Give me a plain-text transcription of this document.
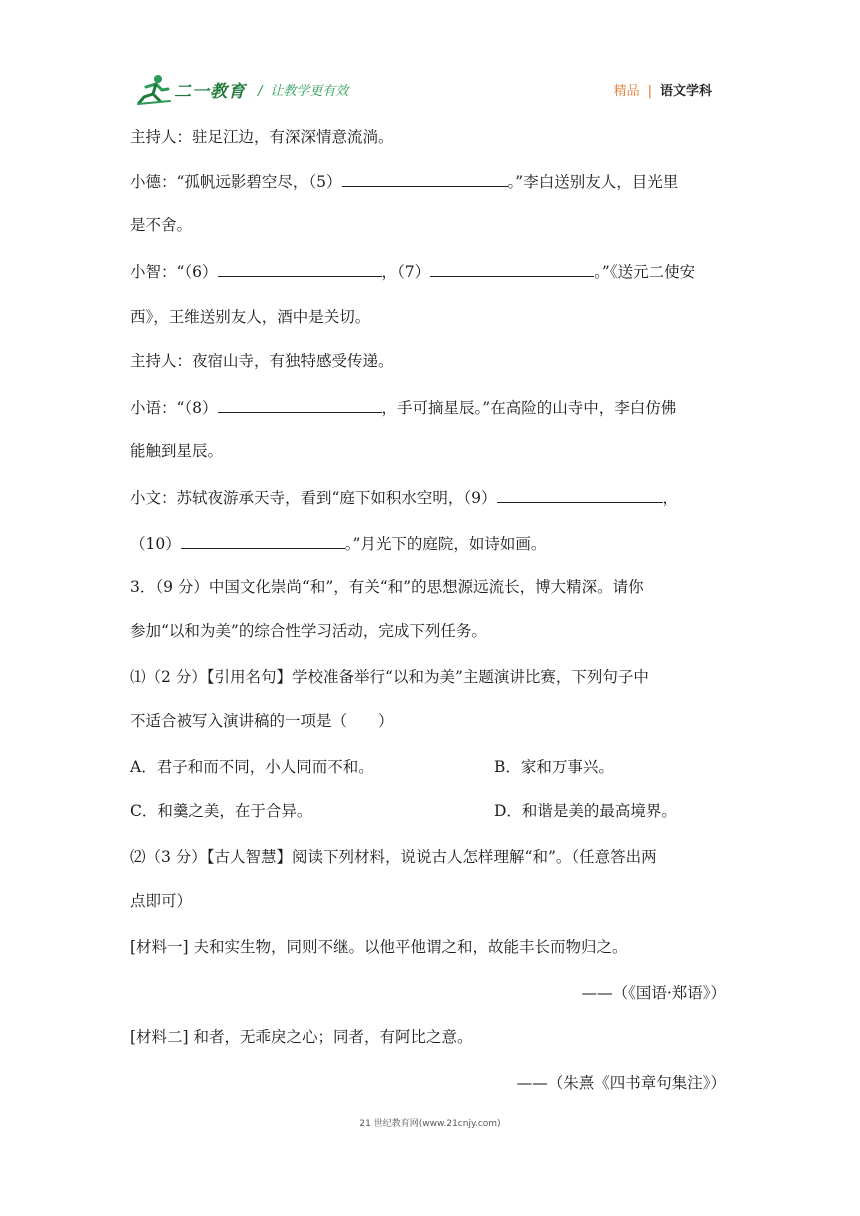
二一教育 / 让教学更有效	精品 | 语文学科
主持人：驻足江边，有深深情意流淌。
小德：“孤帆远影碧空尽，（5）	。”李白送别友人，目光里
是不舍。
小智：“（6）	，（7）	。”《送元二使安
西》，王维送别友人，酒中是关切。
主持人：夜宿山寺，有独特感受传递。
小语：“（8）	，手可摘星辰。”在高险的山寺中，李白仿佛
能触到星辰。
小文：苏轼夜游承天寺，看到“庭下如积水空明，（9）	，
（10）	。”月光下的庭院，如诗如画。
3．（9 分）中国文化崇尚“和”，有关“和”的思想源远流长，博大精深。请你
参加“以和为美”的综合性学习活动，完成下列任务。
⑴（2 分）【引用名句】学校准备举行“以和为美”主题演讲比赛，下列句子中
不适合被写入演讲稿的一项是（　　）
A．君子和而不同，小人同而不和。	B．家和万事兴。
C．和羹之美，在于合异。	D．和谐是美的最高境界。
⑵（3 分）【古人智慧】阅读下列材料，说说古人怎样理解“和”。（任意答出两
点即可）
[材料一] 夫和实生物，同则不继。以他平他谓之和，故能丰长而物归之。
——（《国语·郑语》）
[材料二] 和者，无乖戾之心；同者，有阿比之意。
——（朱熹《四书章句集注》）
21 世纪教育网(www.21cnjy.com)
